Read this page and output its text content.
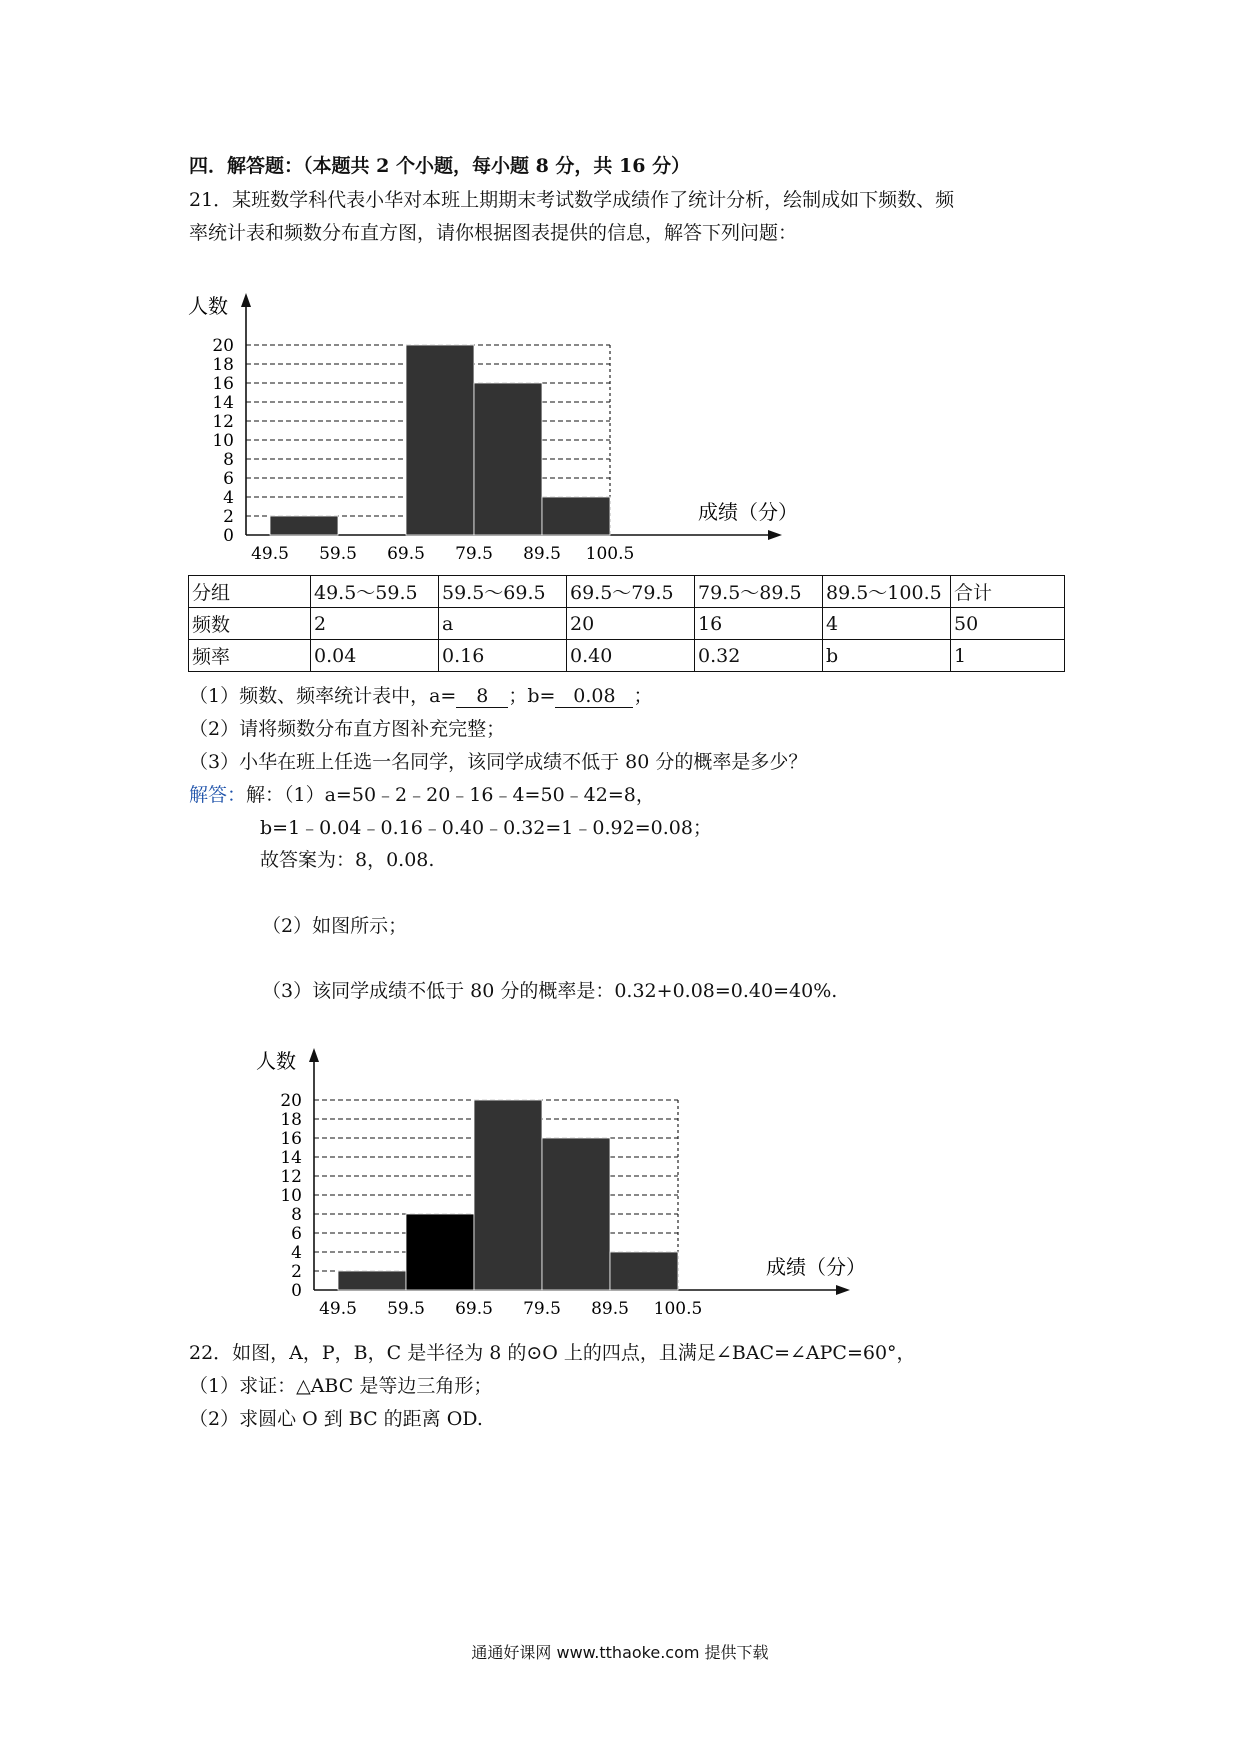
四．解答题：（本题共 2 个小题，每小题 8 分，共 16 分）
21．某班数学科代表小华对本班上期期末考试数学成绩作了统计分析，绘制成如下频数、频
率统计表和频数分布直方图，请你根据图表提供的信息，解答下列问题：
0
2
4
6
8
10
12
14
16
18
20
49.5 59.5 69.5 79.5 89.5 100.5
人数
成绩（分）
分组	49.5～59.5	59.5～69.5	69.5～79.5	79.5～89.5	89.5～100.5	合计
频数	2	a	20	16	4	50
频率	0.04	0.16	0.40	0.32	b	1
（1）频数、频率统计表中，a= 8 ；b= 0.08 ；
（2）请将频数分布直方图补充完整；
（3）小华在班上任选一名同学，该同学成绩不低于 80 分的概率是多少？
解答：解：（1）a=50﹣2﹣20﹣16﹣4=50﹣42=8，
b=1﹣0.04﹣0.16﹣0.40﹣0.32=1﹣0.92=0.08；
故答案为：8，0.08.
（2）如图所示；
（3）该同学成绩不低于 80 分的概率是：0.32+0.08=0.40=40%.
0
2
4
6
8
10
12
14
16
18
20
49.5 59.5 69.5 79.5 89.5 100.5
人数
成绩（分）
22．如图，A，P，B，C 是半径为 8 的⊙O 上的四点，且满足∠BAC=∠APC=60°，
（1）求证：△ABC 是等边三角形；
（2）求圆心 O 到 BC 的距离 OD.
通通好课网 www.tthaoke.com 提供下载
